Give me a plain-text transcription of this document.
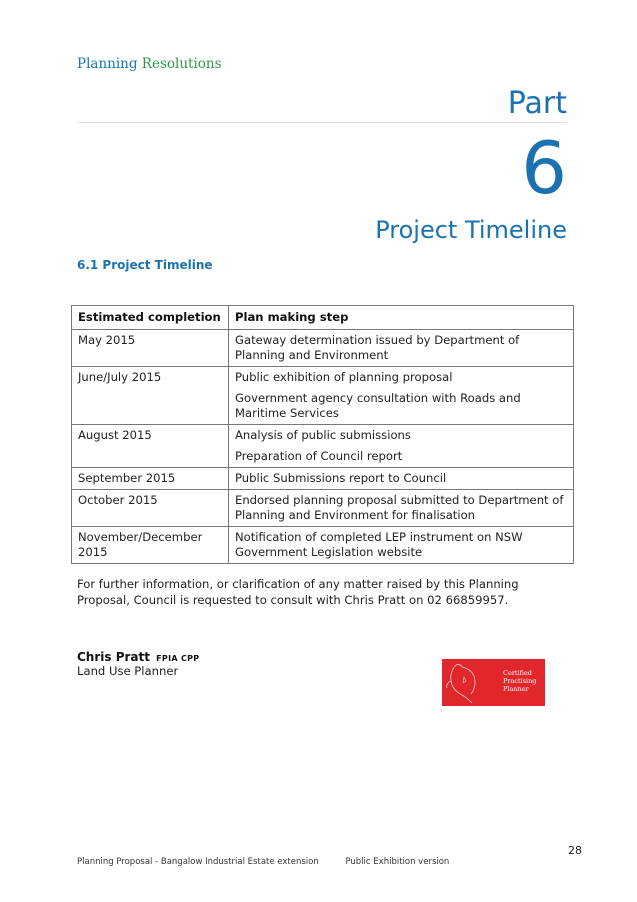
Planning Resolutions
Part
6
Project Timeline
6.1 Project Timeline
Estimated completion	Plan making step
May 2015	Gateway determination issued by Department of Planning and Environment

June/July 2015	Public exhibition of planning proposal
Government agency consultation with Roads and Maritime Services

August 2015	Analysis of public submissions
Preparation of Council report

September 2015	Public Submissions report to Council

October 2015	Endorsed planning proposal submitted to Department of Planning and Environment for finalisation

November/December 2015	Notification of completed LEP instrument on NSW Government Legislation website
For further information, or clarification of any matter raised by this Planning Proposal, Council is requested to consult with Chris Pratt on 02 66859957.
Chris Pratt FPIA CPP
Land Use Planner	Certified
Practising
Planner
28
Planning Proposal - Bangalow Industrial Estate extension	Public Exhibition version
